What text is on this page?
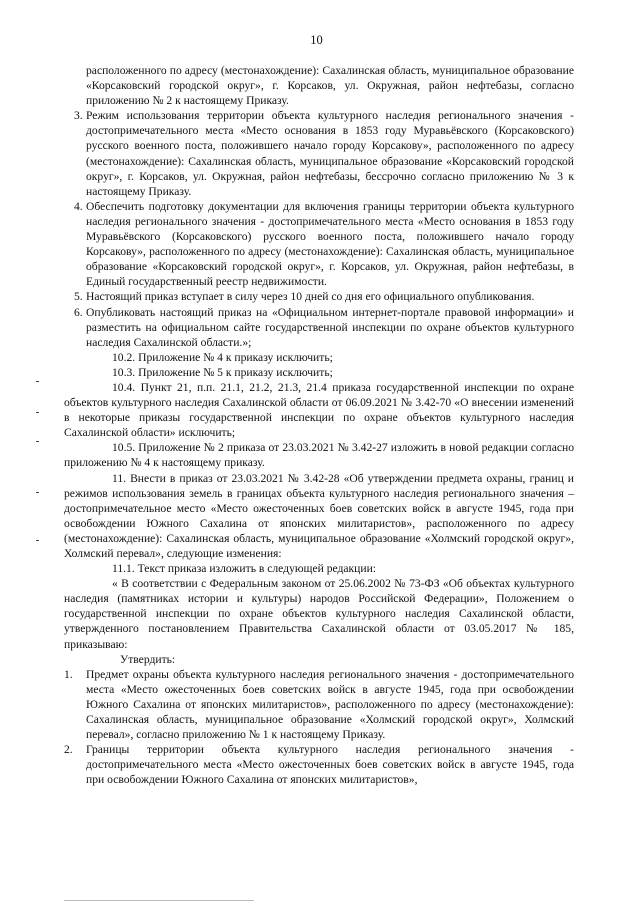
10

расположенного по адресу (местонахождение): Сахалинская область, муниципальное образование «Корсаковский городской округ», г. Корсаков, ул. Окружная, район нефтебазы, согласно приложению № 2 к настоящему Приказу.

3. Режим использования территории объекта культурного наследия регионального значения - достопримечательного места «Место основания в 1853 году Муравьёвского (Корсаковского) русского военного поста, положившего начало городу Корсакову», расположенного по адресу (местонахождение): Сахалинская область, муниципальное образование «Корсаковский городской округ», г. Корсаков, ул. Окружная, район нефтебазы, бессрочно согласно приложению № 3 к настоящему Приказу.
4. Обеспечить подготовку документации для включения границы территории объекта культурного наследия регионального значения - достопримечательного места «Место основания в 1853 году Муравьёвского (Корсаковского) русского военного поста, положившего начало городу Корсакову», расположенного по адресу (местонахождение): Сахалинская область, муниципальное образование «Корсаковский городской округ», г. Корсаков, ул. Окружная, район нефтебазы, в Единый государственный реестр недвижимости.
5. Настоящий приказ вступает в силу через 10 дней со дня его официального опубликования.
6. Опубликовать настоящий приказ на «Официальном интернет-портале правовой информации» и разместить на официальном сайте государственной инспекции по охране объектов культурного наследия Сахалинской области.»;

10.2. Приложение № 4 к приказу исключить;

10.3. Приложение № 5 к приказу исключить;

10.4. Пункт 21, п.п. 21.1, 21.2, 21.3, 21.4 приказа государственной инспекции по охране объектов культурного наследия Сахалинской области от 06.09.2021 № 3.42-70 «О внесении изменений в некоторые приказы государственной инспекции по охране объектов культурного наследия Сахалинской области» исключить;

10.5. Приложение № 2 приказа от 23.03.2021 № 3.42-27 изложить в новой редакции согласно приложению № 4 к настоящему приказу.

11. Внести в приказ от 23.03.2021 № 3.42-28 «Об утверждении предмета охраны, границ и режимов использования земель в границах объекта культурного наследия регионального значения – достопримечательное место «Место ожесточенных боев советских войск в августе 1945, года при освобождении Южного Сахалина от японских милитаристов», расположенного по адресу (местонахождение): Сахалинская область, муниципальное образование «Холмский городской округ», Холмский перевал», следующие изменения:

11.1. Текст приказа изложить в следующей редакции:

« В соответствии с Федеральным законом от 25.06.2002 № 73-ФЗ «Об объектах культурного наследия (памятниках истории и культуры) народов Российской Федерации», Положением о государственной инспекции по охране объектов культурного наследия Сахалинской области, утвержденного постановлением Правительства Сахалинской области от 03.05.2017 № 185, приказываю:

Утвердить:

1. Предмет охраны объекта культурного наследия регионального значения - достопримечательного места «Место ожесточенных боев советских войск в августе 1945, года при освобождении Южного Сахалина от японских милитаристов», расположенного по адресу (местонахождение): Сахалинская область, муниципальное образование «Холмский городской округ», Холмский перевал», согласно приложению № 1 к настоящему Приказу.
2. Границы территории объекта культурного наследия регионального значения - достопримечательного места «Место ожесточенных боев советских войск в августе 1945, года при освобождении Южного Сахалина от японских милитаристов»,
